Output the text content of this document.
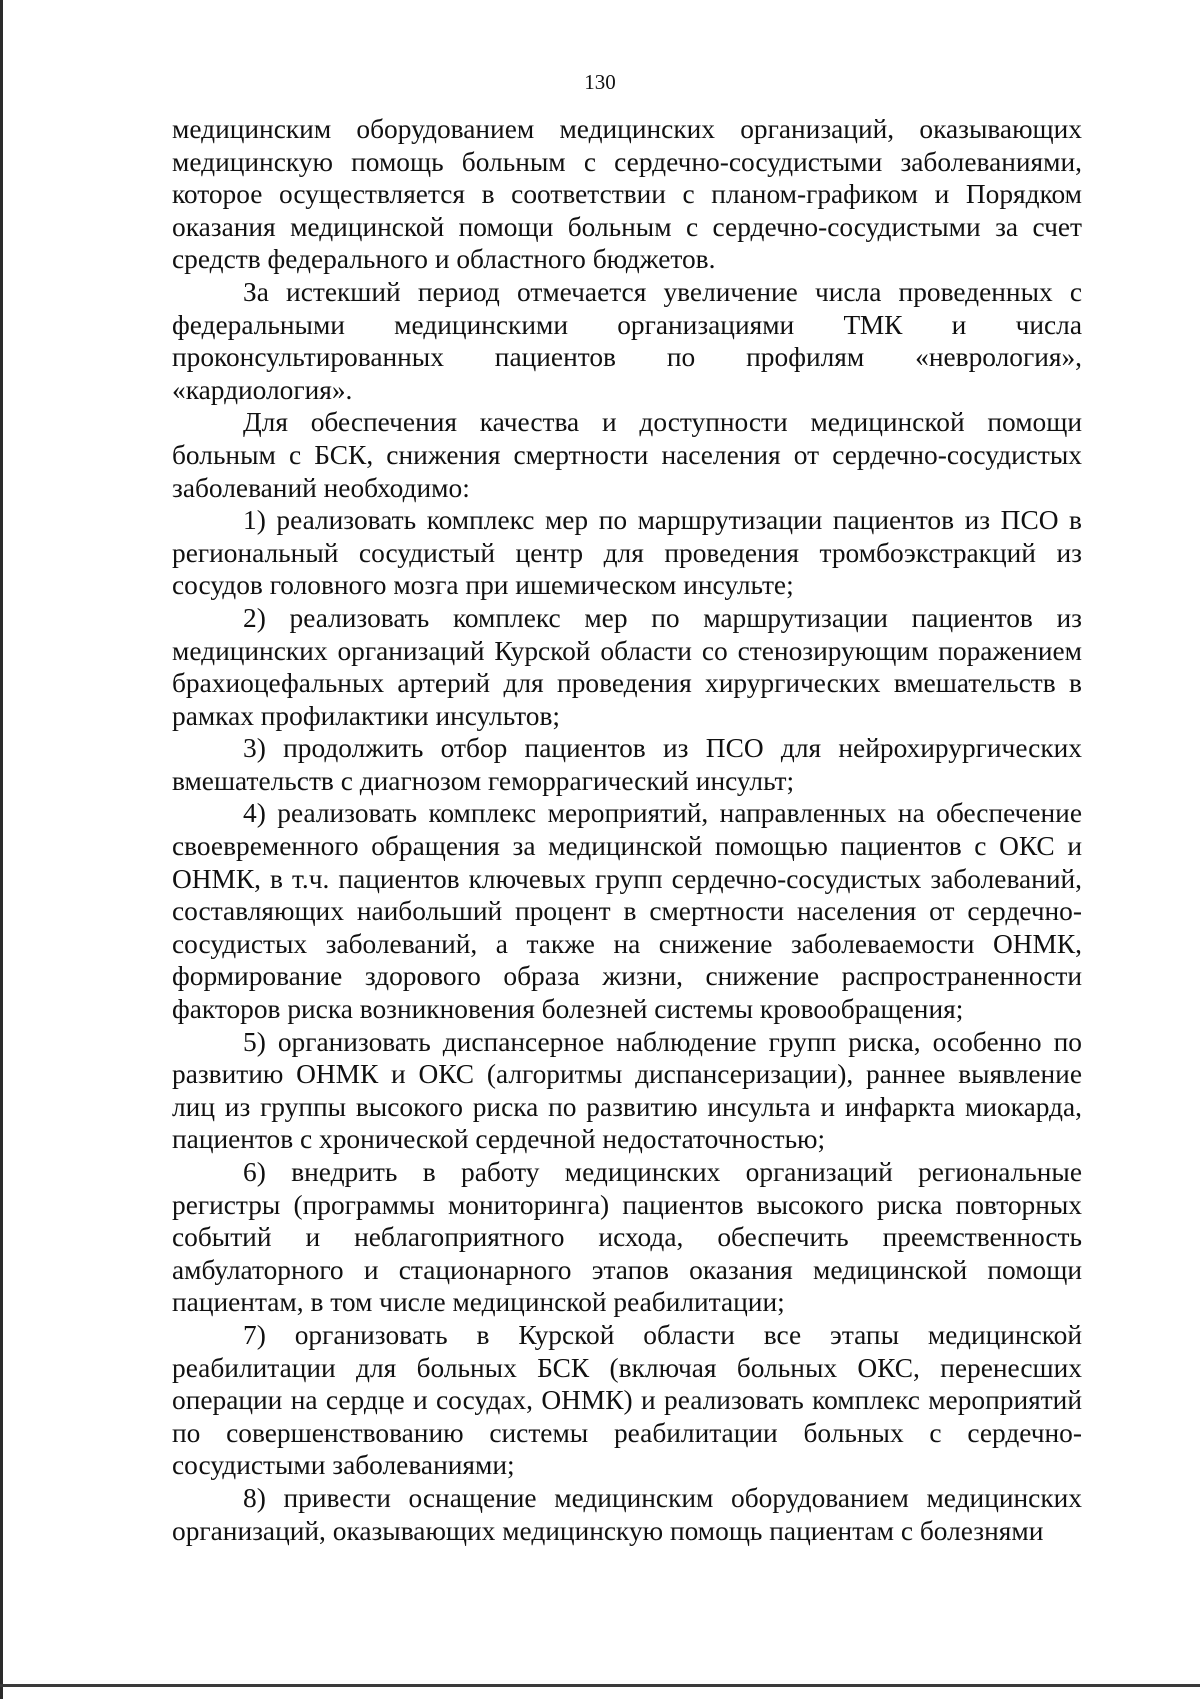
130

медицинским оборудованием медицинских организаций, оказывающих медицинскую помощь больным с сердечно-сосудистыми заболеваниями, которое осуществляется в соответствии с планом-графиком и Порядком оказания медицинской помощи больным с сердечно-сосудистыми за счет средств федерального и областного бюджетов.

За истекший период отмечается увеличение числа проведенных с федеральными медицинскими организациями ТМК и числа проконсультированных пациентов по профилям «неврология», «кардиология».

Для обеспечения качества и доступности медицинской помощи больным с БСК, снижения смертности населения от сердечно-сосудистых заболеваний необходимо:

1) реализовать комплекс мер по маршрутизации пациентов из ПСО в региональный сосудистый центр для проведения тромбоэкстракций из сосудов головного мозга при ишемическом инсульте;

2) реализовать комплекс мер по маршрутизации пациентов из медицинских организаций Курской области со стенозирующим поражением брахиоцефальных артерий для проведения хирургических вмешательств в рамках профилактики инсультов;

3) продолжить отбор пациентов из ПСО для нейрохирургических вмешательств с диагнозом геморрагический инсульт;

4) реализовать комплекс мероприятий, направленных на обеспечение своевременного обращения за медицинской помощью пациентов с ОКС и ОНМК, в т.ч. пациентов ключевых групп сердечно-сосудистых заболеваний, составляющих наибольший процент в смертности населения от сердечно-сосудистых заболеваний, а также на снижение заболеваемости ОНМК, формирование здорового образа жизни, снижение распространенности факторов риска возникновения болезней системы кровообращения;

5) организовать диспансерное наблюдение групп риска, особенно по развитию ОНМК и ОКС (алгоритмы диспансеризации), раннее выявление лиц из группы высокого риска по развитию инсульта и инфаркта миокарда, пациентов с хронической сердечной недостаточностью;

6) внедрить в работу медицинских организаций региональные регистры (программы мониторинга) пациентов высокого риска повторных событий и неблагоприятного исхода, обеспечить преемственность амбулаторного и стационарного этапов оказания медицинской помощи пациентам, в том числе медицинской реабилитации;

7) организовать в Курской области все этапы медицинской реабилитации для больных БСК (включая больных ОКС, перенесших операции на сердце и сосудах, ОНМК) и реализовать комплекс мероприятий по совершенствованию системы реабилитации больных с сердечно-сосудистыми заболеваниями;

8) привести оснащение медицинским оборудованием медицинских организаций, оказывающих медицинскую помощь пациентам с болезнями
